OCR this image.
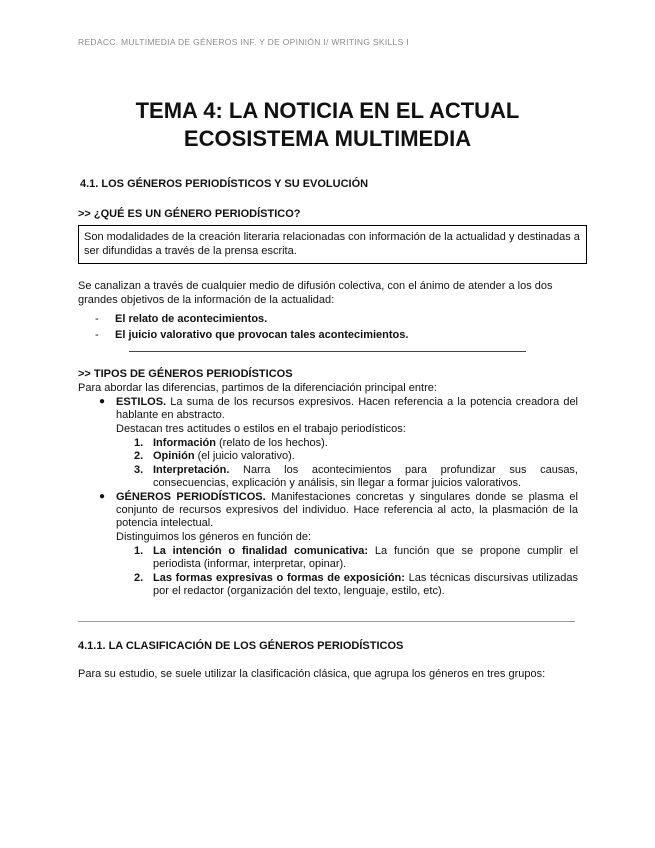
REDACC. MULTIMEDIA DE GÉNEROS INF. Y DE OPINIÓN I/ WRITING SKILLS I
TEMA 4: LA NOTICIA EN EL ACTUAL
ECOSISTEMA MULTIMEDIA
4.1. LOS GÉNEROS PERIODÍSTICOS Y SU EVOLUCIÓN
>> ¿QUÉ ES UN GÉNERO PERIODÍSTICO?
Son modalidades de la creación literaria relacionadas con información de la actualidad y destinadas a ser difundidas a través de la prensa escrita.
Se canalizan a través de cualquier medio de difusión colectiva, con el ánimo de atender a los dos grandes objetivos de la información de la actualidad:
- El relato de acontecimientos.
- El juicio valorativo que provocan tales acontecimientos.
>> TIPOS DE GÉNEROS PERIODÍSTICOS
Para abordar las diferencias, partimos de la diferenciación principal entre:
● ESTILOS. La suma de los recursos expresivos. Hacen referencia a la potencia creadora del hablante en abstracto.
Destacan tres actitudes o estilos en el trabajo periodísticos:
1. Información (relato de los hechos).
2. Opinión (el juicio valorativo).
3. Interpretación. Narra los acontecimientos para profundizar sus causas, consecuencias, explicación y análisis, sin llegar a formar juicios valorativos.
● GÉNEROS PERIODÍSTICOS. Manifestaciones concretas y singulares donde se plasma el conjunto de recursos expresivos del individuo. Hace referencia al acto, la plasmación de la potencia intelectual.
Distinguimos los géneros en función de:
1. La intención o finalidad comunicativa: La función que se propone cumplir el periodista (informar, interpretar, opinar).
2. Las formas expresivas o formas de exposición: Las técnicas discursivas utilizadas por el redactor (organización del texto, lenguaje, estilo, etc).
4.1.1. LA CLASIFICACIÓN DE LOS GÉNEROS PERIODÍSTICOS
Para su estudio, se suele utilizar la clasificación clásica, que agrupa los géneros en tres grupos:
